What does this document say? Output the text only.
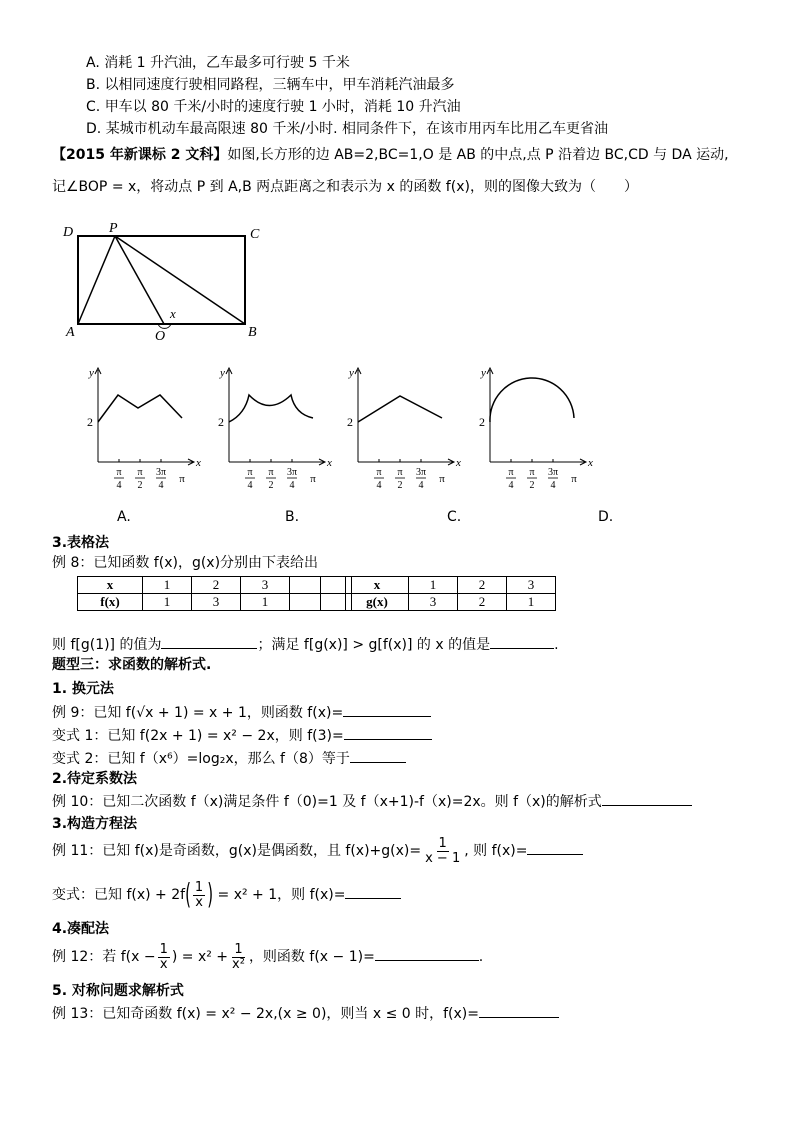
A. 消耗 1 升汽油，乙车最多可行驶 5 千米
B. 以相同速度行驶相同路程，三辆车中，甲车消耗汽油最多
C. 甲车以 80 千米/小时的速度行驶 1 小时，消耗 10 升汽油
D. 某城市机动车最高限速 80 千米/小时. 相同条件下，在该市用丙车比用乙车更省油
【2015 年新课标 2 文科】如图,长方形的边 AB=2,BC=1,O 是 AB 的中点,点 P 沿着边 BC,CD 与 DA 运动,
记∠BOP = x，将动点 P 到 A,B 两点距离之和表示为 x 的函数 f(x)，则的图像大致为（　　）
D	P	C
A	O	B
x
y
x
2
π
4
π
2
3π
4
π
y
x
2
π
4
π
2
3π
4
π
y
x
2
π
4
π
2
3π
4
π
y
x
2
π
4
π
2
3π
4
π
A.	B.	C.	D.
3.表格法
例 8：已知函数 f(x)，g(x)分别由下表给出
x	1	2	3		
f(x)	1	3	1		
x	1	2	3
g(x)	3	2	1
则 f[g(1)] 的值为	；满足 f[g(x)] > g[f(x)] 的 x 的值是	.
题型三：求函数的解析式.
1. 换元法
例 9：已知 f(√x + 1) = x + 1，则函数 f(x)=
变式 1：已知 f(2x + 1) = x² − 2x，则 f(3)=
变式 2：已知 f（x⁶）=log₂x，那么 f（8）等于
2.待定系数法
例 10：已知二次函数 f（x)满足条件 f（0)=1 及 f（x+1)-f（x)=2x。则 f（x)的解析式
3.构造方程法
例 11：已知 f(x)是奇函数，g(x)是偶函数，且 $f(x)+g(x)= \frac{1}{x - 1}$ , 则 f(x)=
变式：已知 $f(x) + 2f( \frac{1}{x}$ ) = x² + 1，则 f(x)=
4.凑配法
例 12：若 $f(x - \frac{1}{x}$ ) = $x^2 + \frac{1}{\text{x²}}$ ，则函数 f(x − 1)=	.
5. 对称问题求解析式
例 13：已知奇函数 f(x) = x² − 2x,(x ≥ 0)，则当 x ≤ 0 时，f(x)=
